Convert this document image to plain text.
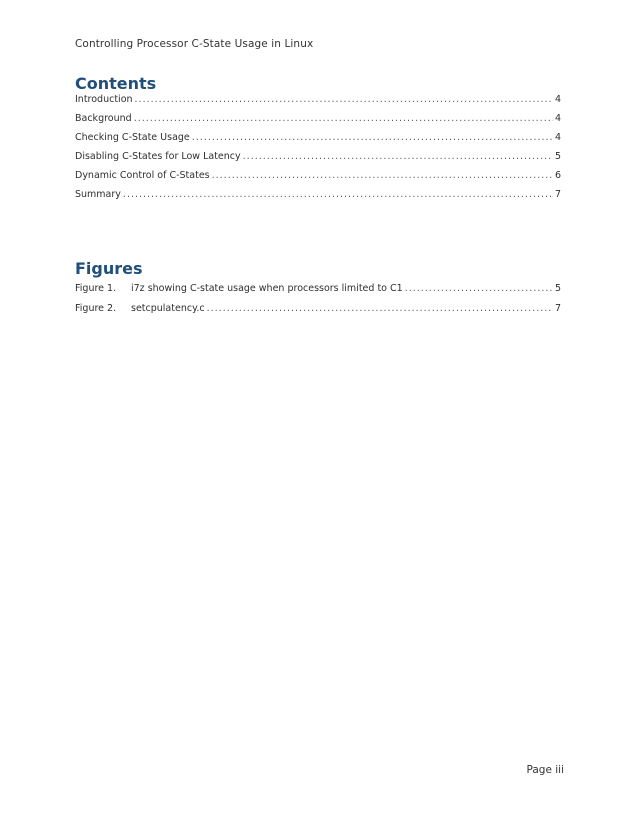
Controlling Processor C-State Usage in Linux
Contents
Introduction .....	4
Background .....	4
Checking C-State Usage .....	4
Disabling C-States for Low Latency .....	5
Dynamic Control of C-States .....	6
Summary .....	7
Figures
Figure 1.	i7z showing C-state usage when processors limited to C1 .....	5
Figure 2.	setcpulatency.c .....	7
Page iii
